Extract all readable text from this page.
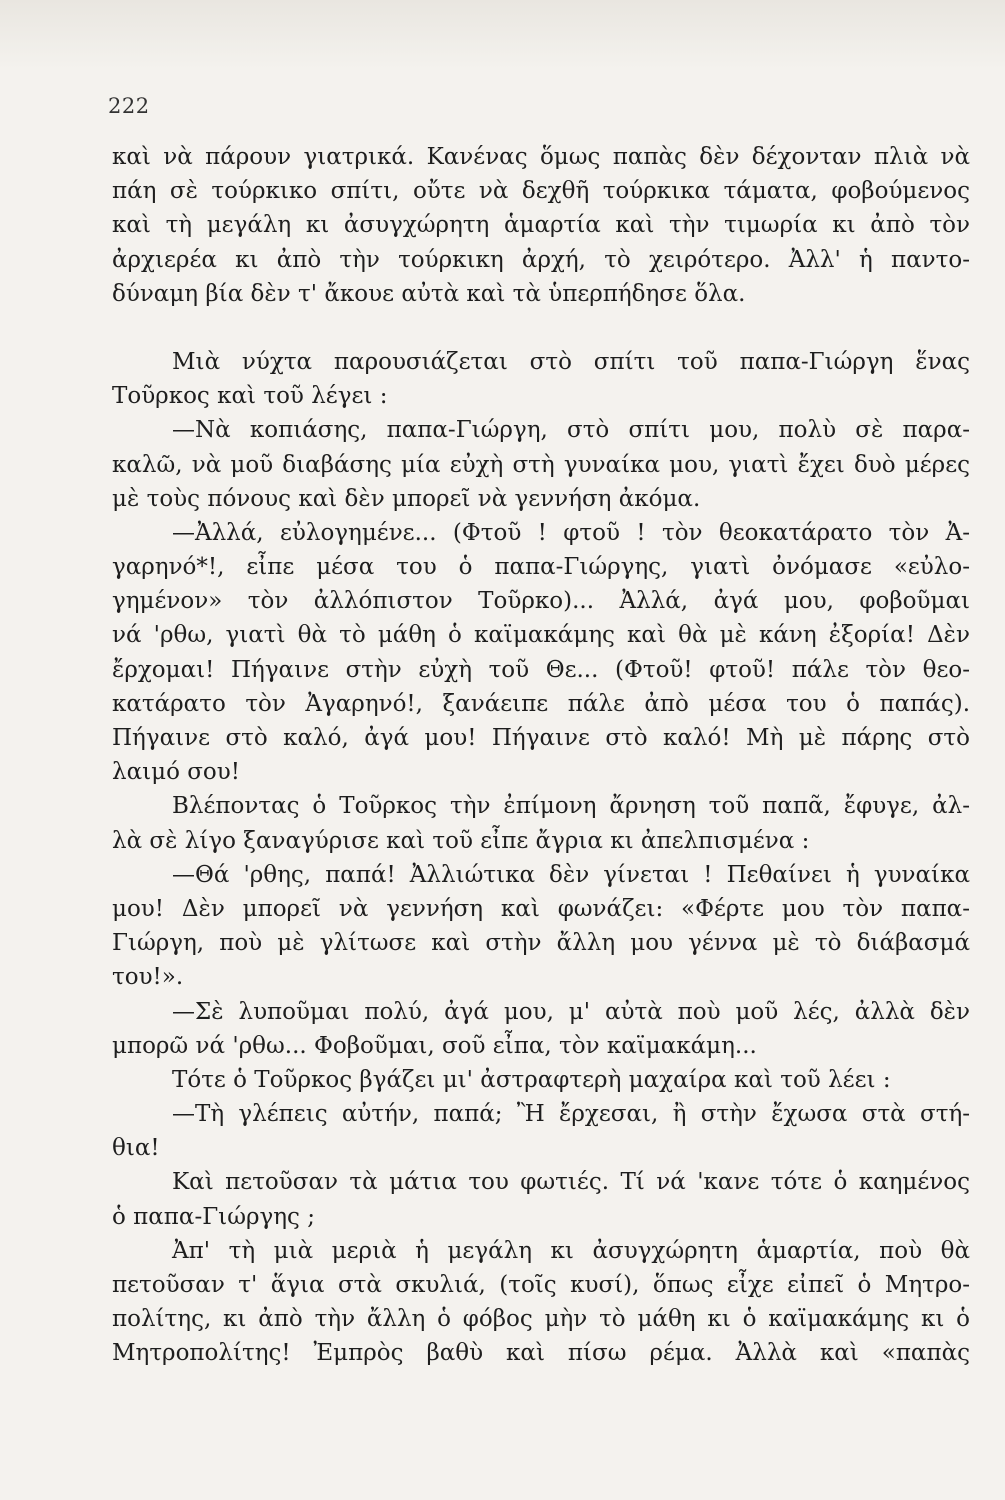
222
καὶ νὰ πάρουν γιατρικά. Κανένας ὅμως παπὰς δὲν δέχονταν πλιὰ νὰ
πάη σὲ τούρκικο σπίτι, οὔτε νὰ δεχθῆ τούρκικα τάματα, φοβούμενος
καὶ τὴ μεγάλη κι ἀσυγχώρητη ἁμαρτία καὶ τὴν τιμωρία κι ἀπὸ τὸν
ἀρχιερέα κι ἀπὸ τὴν τούρκικη ἀρχή, τὸ χειρότερο. Ἀλλ' ἡ παντο-
δύναμη βία δὲν τ' ἄκουε αὐτὰ καὶ τὰ ὑπερπήδησε ὅλα.
Μιὰ νύχτα παρουσιάζεται στὸ σπίτι τοῦ παπα-Γιώργη ἕνας
Τοῦρκος καὶ τοῦ λέγει :
—Νὰ κοπιάσης, παπα-Γιώργη, στὸ σπίτι μου, πολὺ σὲ παρα-
καλῶ, νὰ μοῦ διαβάσης μία εὐχὴ στὴ γυναίκα μου, γιατὶ ἔχει δυὸ μέρες
μὲ τοὺς πόνους καὶ δὲν μπορεῖ νὰ γεννήση ἀκόμα.
—Ἀλλά, εὐλογημένε... (Φτοῦ ! φτοῦ ! τὸν θεοκατάρατο τὸν Ἀ-
γαρηνό*!, εἶπε μέσα του ὁ παπα-Γιώργης, γιατὶ ὀνόμασε «εὐλο-
γημένον» τὸν ἀλλόπιστον Τοῦρκο)... Ἀλλά, ἀγά μου, φοβοῦμαι
νά 'ρθω, γιατὶ θὰ τὸ μάθη ὁ καϊμακάμης καὶ θὰ μὲ κάνη ἐξορία! Δὲν
ἔρχομαι! Πήγαινε στὴν εὐχὴ τοῦ Θε... (Φτοῦ! φτοῦ! πάλε τὸν θεο-
κατάρατο τὸν Ἀγαρηνό!, ξανάειπε πάλε ἀπὸ μέσα του ὁ παπάς).
Πήγαινε στὸ καλό, ἀγά μου! Πήγαινε στὸ καλό! Μὴ μὲ πάρης στὸ
λαιμό σου!
Βλέποντας ὁ Τοῦρκος τὴν ἐπίμονη ἄρνηση τοῦ παπᾶ, ἔφυγε, ἀλ-
λὰ σὲ λίγο ξαναγύρισε καὶ τοῦ εἶπε ἄγρια κι ἀπελπισμένα :
—Θά 'ρθης, παπά! Ἀλλιώτικα δὲν γίνεται ! Πεθαίνει ἡ γυναίκα
μου! Δὲν μπορεῖ νὰ γεννήση καὶ φωνάζει: «Φέρτε μου τὸν παπα-
Γιώργη, ποὺ μὲ γλίτωσε καὶ στὴν ἄλλη μου γέννα μὲ τὸ διάβασμά
του!».
—Σὲ λυποῦμαι πολύ, ἀγά μου, μ' αὐτὰ ποὺ μοῦ λές, ἀλλὰ δὲν
μπορῶ νά 'ρθω... Φοβοῦμαι, σοῦ εἶπα, τὸν καϊμακάμη...
Τότε ὁ Τοῦρκος βγάζει μι' ἀστραφτερὴ μαχαίρα καὶ τοῦ λέει :
—Τὴ γλέπεις αὐτήν, παπά; Ἢ ἔρχεσαι, ἢ στὴν ἔχωσα στὰ στή-
θια!
Καὶ πετοῦσαν τὰ μάτια του φωτιές. Τί νά 'κανε τότε ὁ καημένος
ὁ παπα-Γιώργης ;
Ἀπ' τὴ μιὰ μεριὰ ἡ μεγάλη κι ἀσυγχώρητη ἁμαρτία, ποὺ θὰ
πετοῦσαν τ' ἅγια στὰ σκυλιά, (τοῖς κυσί), ὅπως εἶχε εἰπεῖ ὁ Μητρο-
πολίτης, κι ἀπὸ τὴν ἄλλη ὁ φόβος μὴν τὸ μάθη κι ὁ καϊμακάμης κι ὁ
Μητροπολίτης! Ἐμπρὸς βαθὺ καὶ πίσω ρέμα. Ἀλλὰ καὶ «παπὰς
